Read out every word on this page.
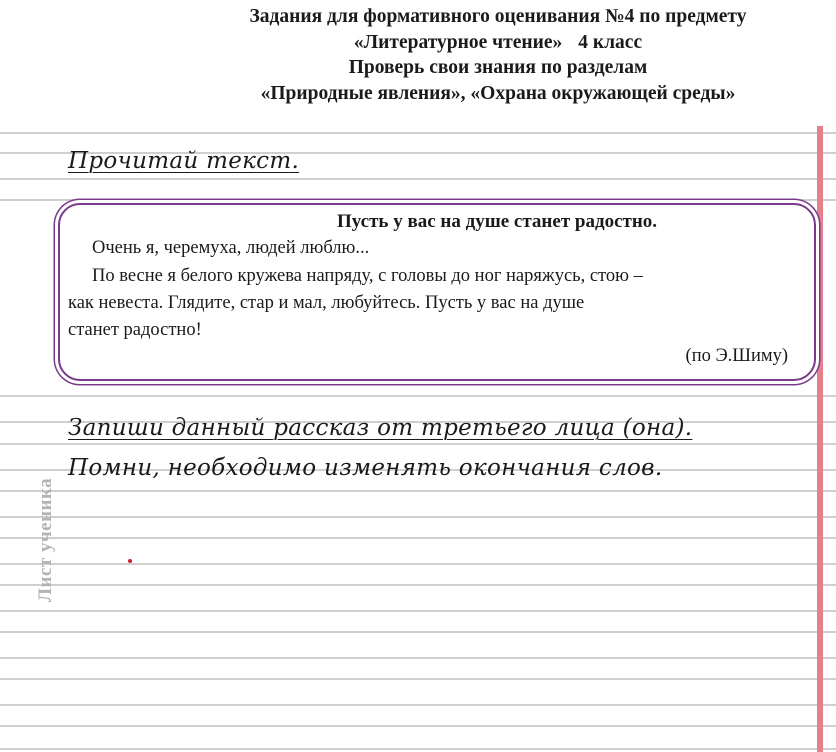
Задания для формативного оценивания №4 по предмету
«Литературное чтение» 4 класс
Проверь свои знания по разделам
«Природные явления», «Охрана окружающей среды»
Прочитай текст.
Пусть у вас на душе станет радостно.
Очень я, черемуха, людей люблю...
По весне я белого кружева напряду, с головы до ног наряжусь, стою –
как невеста. Глядите, стар и мал, любуйтесь. Пусть у вас на душе
станет радостно!
(по Э.Шиму)
Запиши данный рассказ от третьего лица (она).
Помни, необходимо изменять окончания слов.
Лист ученика
